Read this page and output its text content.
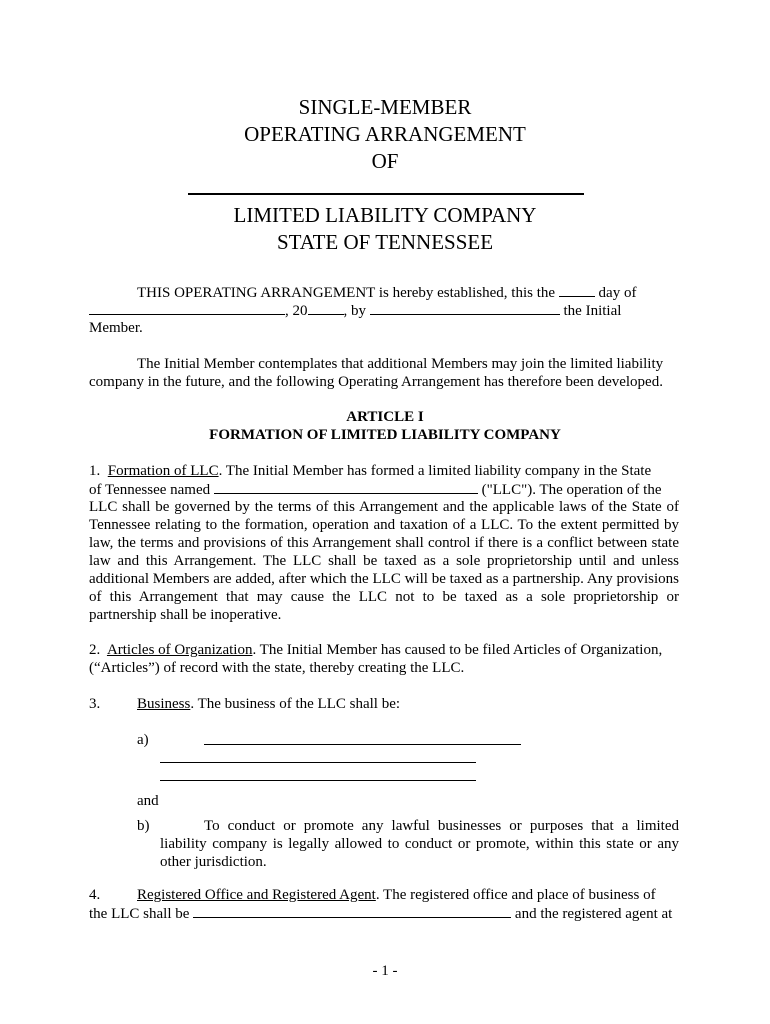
SINGLE-MEMBER
OPERATING ARRANGEMENT
OF
LIMITED LIABILITY COMPANY
STATE OF TENNESSEE
THIS OPERATING ARRANGEMENT is hereby established, this the	day of
, 20 , by	the Initial
Member.
The Initial Member contemplates that additional Members may join the limited liability
company in the future, and the following Operating Arrangement has therefore been developed.
ARTICLE I
FORMATION OF LIMITED LIABILITY COMPANY
1. Formation of LLC. The Initial Member has formed a limited liability company in the State
of Tennessee named	("LLC"). The operation of the
LLC shall be governed by the terms of this Arrangement and the applicable laws of the State of Tennessee relating to the formation, operation and taxation of a LLC. To the extent permitted by law, the terms and provisions of this Arrangement shall control if there is a conflict between state law and this Arrangement. The LLC shall be taxed as a sole proprietorship until and unless additional Members are added, after which the LLC will be taxed as a partnership. Any provisions of this Arrangement that may cause the LLC not to be taxed as a sole proprietorship or partnership shall be inoperative.
2. Articles of Organization. The Initial Member has caused to be filed Articles of Organization,
(“Articles”) of record with the state, thereby creating the LLC.
3. Business. The business of the LLC shall be:
a)
and
b)	To conduct or promote any lawful businesses or purposes that a limited liability company is legally allowed to conduct or promote, within this state or any other jurisdiction.
4. Registered Office and Registered Agent. The registered office and place of business of
the LLC shall be	and the registered agent at
- 1 -
